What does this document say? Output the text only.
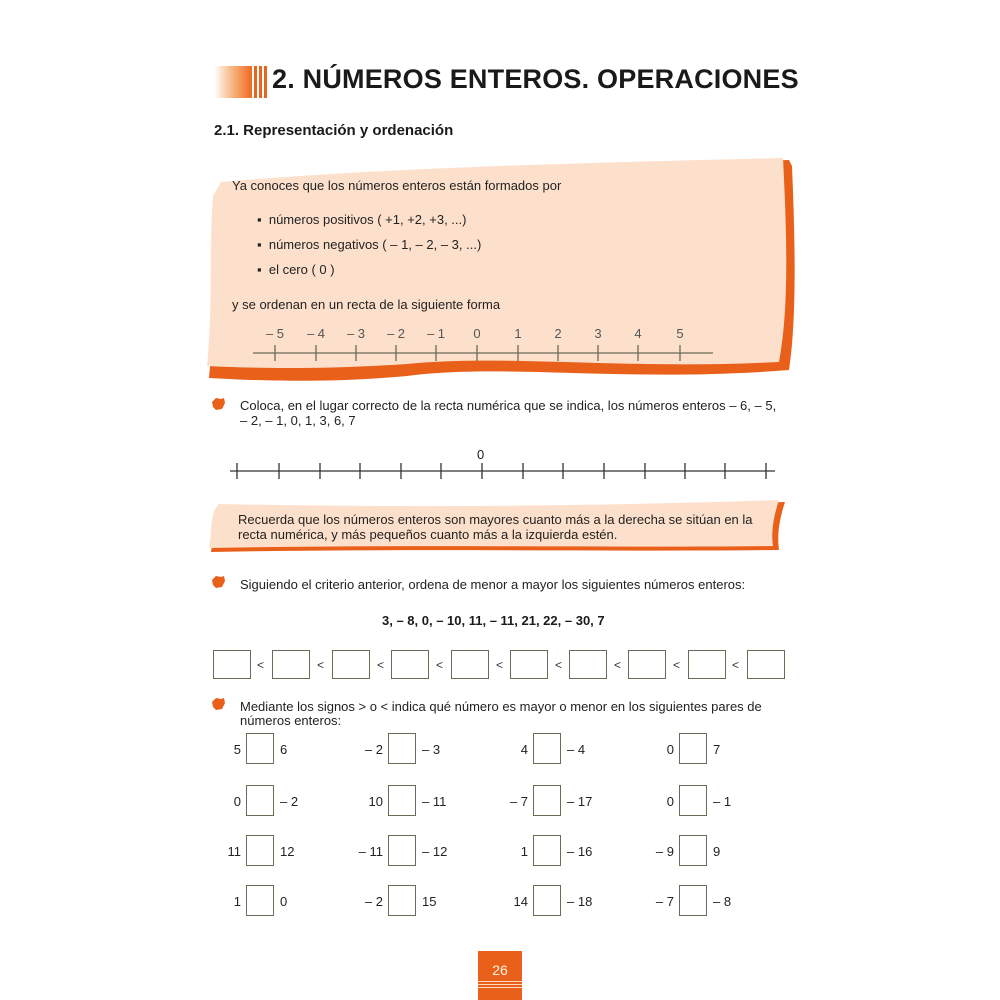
2. NÚMEROS ENTEROS. OPERACIONES
2.1. Representación y ordenación
Ya conoces que los números enteros están formados por
▪  números positivos ( +1, +2, +3, ...)
▪  números negativos ( – 1, – 2, – 3, ...)
▪  el cero ( 0 )
y se ordenan en un recta de la siguiente forma
– 5 – 4 – 3 – 2 – 1 0	1	2	3	4	5
Coloca, en el lugar correcto de la recta numérica que se indica, los números enteros – 6, – 5,
– 2, – 1, 0, 1, 3, 6, 7
0
Recuerda que los números enteros son mayores cuanto más a la derecha se sitúan en la
recta numérica, y más pequeños cuanto más a la izquierda estén.
Siguiendo el criterio anterior, ordena de menor a mayor los siguientes números enteros:
3, – 8, 0, – 10, 11, – 11, 21, 22, – 30, 7
<	<	<	<	<	<	<	<	<
Mediante los signos > o < indica qué número es mayor o menor en los siguientes pares de
números enteros:
5	6	– 2	– 3	4	– 4	0	7
0	– 2	10	– 11	– 7	– 17	0	– 1
11	12	– 11	– 12	1	– 16	– 9	9
1	0	– 2	15	14	– 18	– 7	– 8
26
